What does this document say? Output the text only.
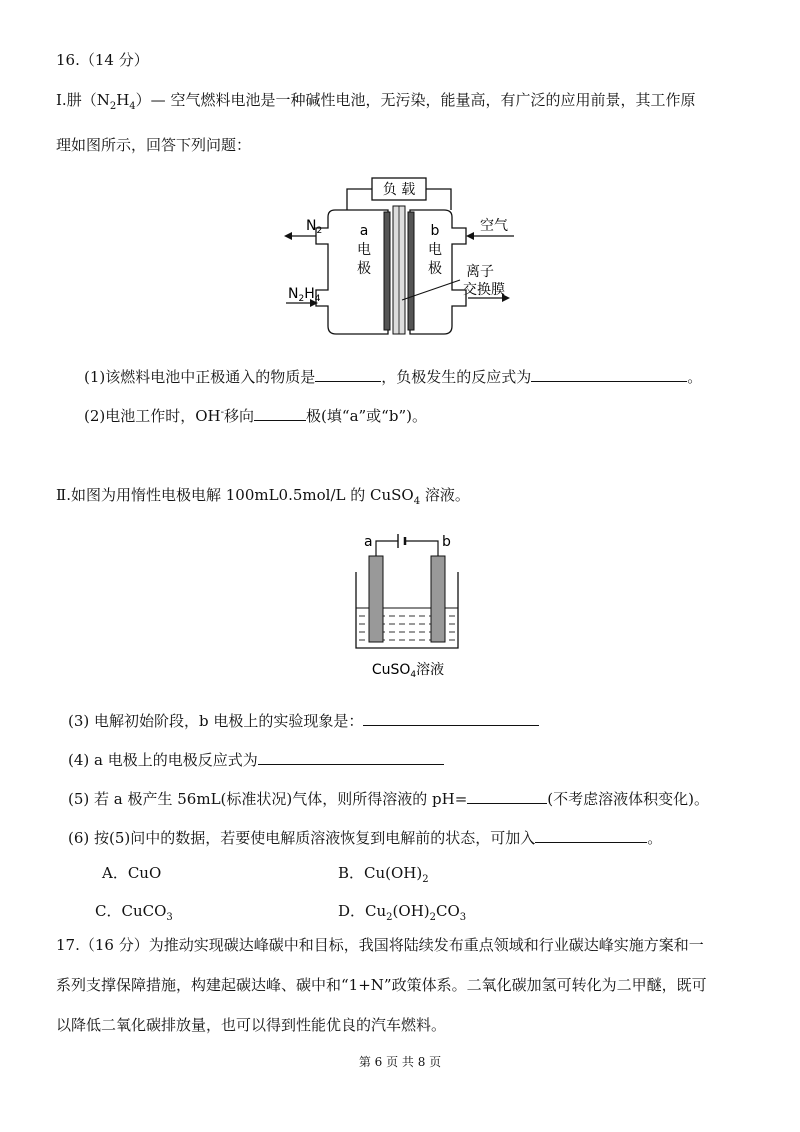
16.（14 分）
Ⅰ.肼$(N_2H_4)—$ 空气燃料电池是一种碱性电池，无污染，能量高，有广泛的应用前景，其工作原
理如图所示，回答下列问题：
负 载
$N_2$
$N_2H_4$
空气
a
电
极
b
电
极 离子
交换膜
(1)该燃料电池中正极通入的物质是	，负极发生的反应式为	。
(2)电池工作时，OH-移向	极(填“a”或“b”)。
Ⅱ.如图为用惰性电极电解 100mL0.5mol/L 的 CuSO$_4$ 溶液。
a	b
CuSO$_4$溶液
(3) 电解初始阶段，b 电极上的实验现象是：
(4) a 电极上的电极反应式为
(5) 若 a 极产生 56mL(标准状况)气体，则所得溶液的 pH=	(不考虑溶液体积变化)。
(6) 按(5)问中的数据，若要使电解质溶液恢复到电解前的状态，可加入	。
A．CuO	B．$Cu(OH)_2$
C．CuCO$_3$	D．$Cu_2(OH)_2CO_3$
17.（16 分）为推动实现碳达峰碳中和目标，我国将陆续发布重点领域和行业碳达峰实施方案和一
系列支撑保障措施，构建起碳达峰、碳中和“1+N”政策体系。二氧化碳加氢可转化为二甲醚，既可
以降低二氧化碳排放量，也可以得到性能优良的汽车燃料。
第 6 页 共 8 页
